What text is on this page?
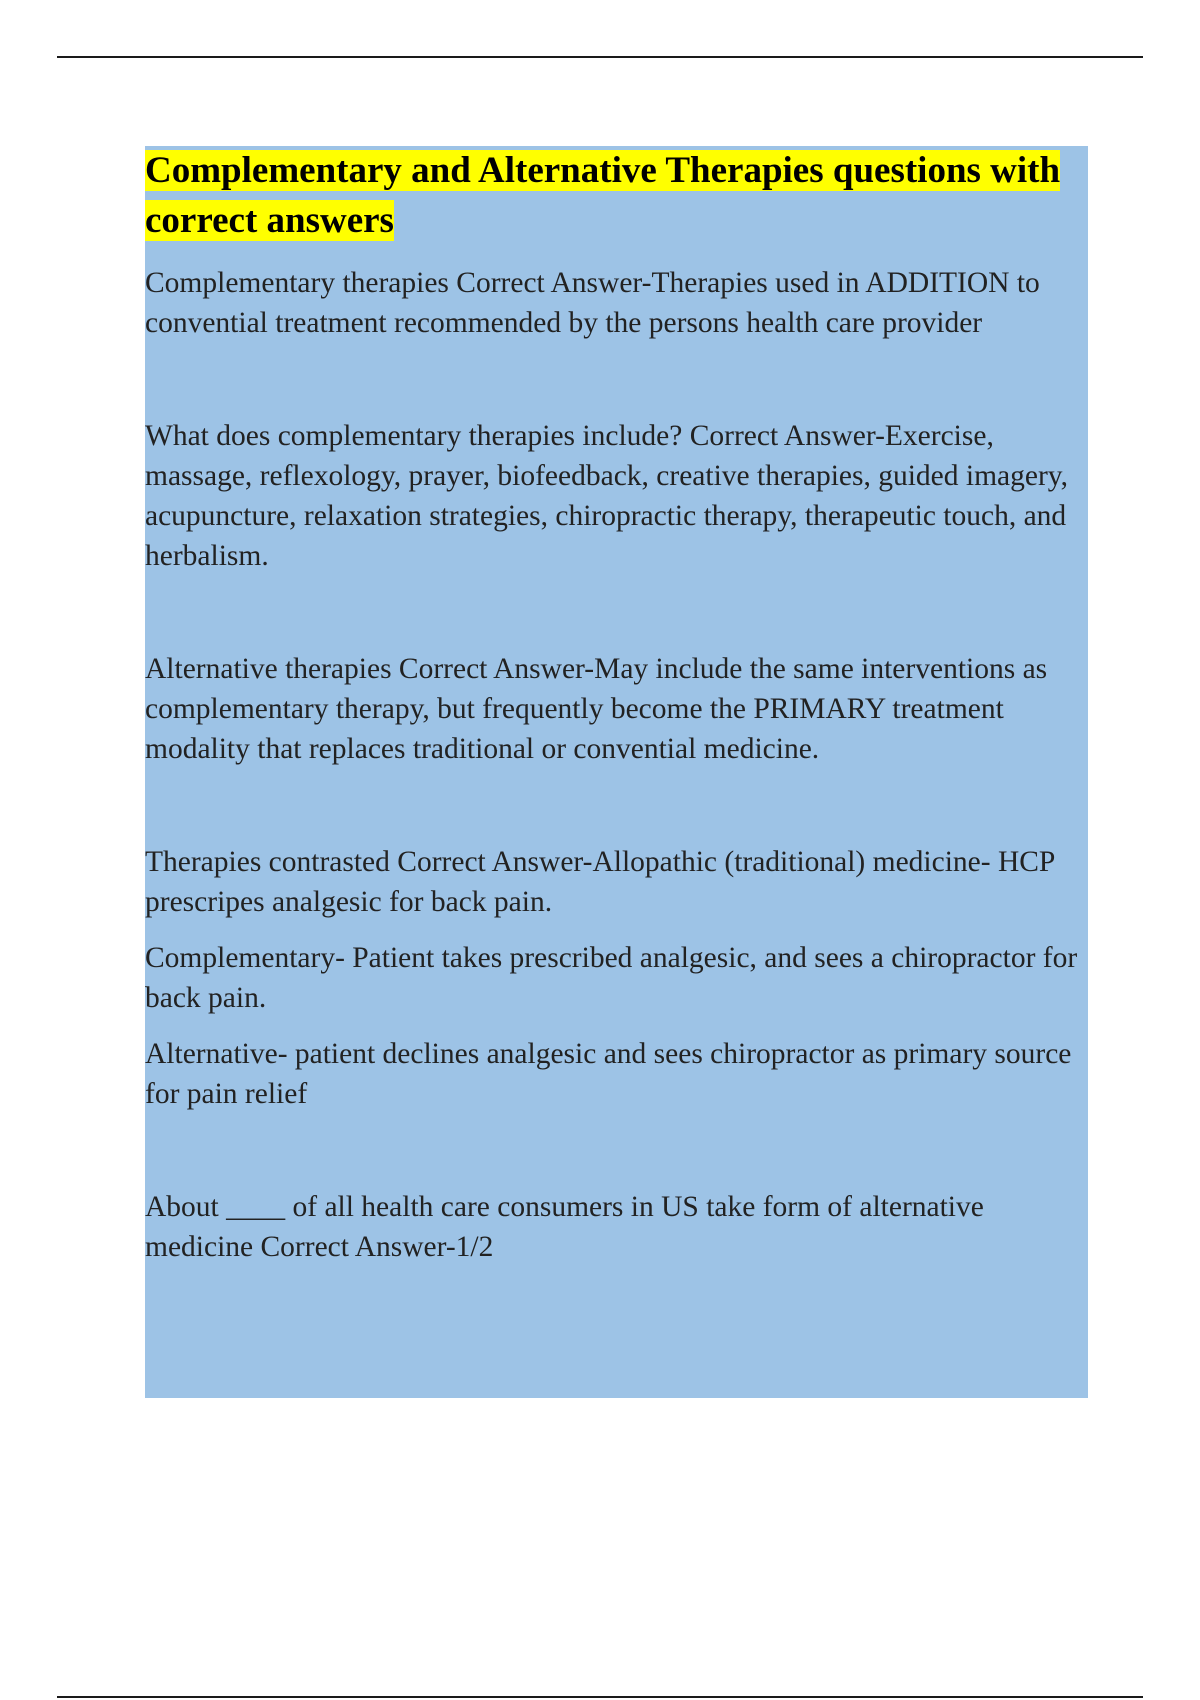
Complementary and Alternative Therapies questions with correct answers

Complementary therapies Correct Answer-Therapies used in ADDITION to convential treatment recommended by the persons health care provider

What does complementary therapies include? Correct Answer-Exercise, massage, reflexology, prayer, biofeedback, creative therapies, guided imagery, acupuncture, relaxation strategies, chiropractic therapy, therapeutic touch, and herbalism.

Alternative therapies Correct Answer-May include the same interventions as complementary therapy, but frequently become the PRIMARY treatment modality that replaces traditional or convential medicine.

Therapies contrasted Correct Answer-Allopathic (traditional) medicine- HCP prescripes analgesic for back pain.

Complementary- Patient takes prescribed analgesic, and sees a chiropractor for back pain.

Alternative- patient declines analgesic and sees chiropractor as primary source for pain relief

About ____ of all health care consumers in US take form of alternative medicine Correct Answer-1/2
